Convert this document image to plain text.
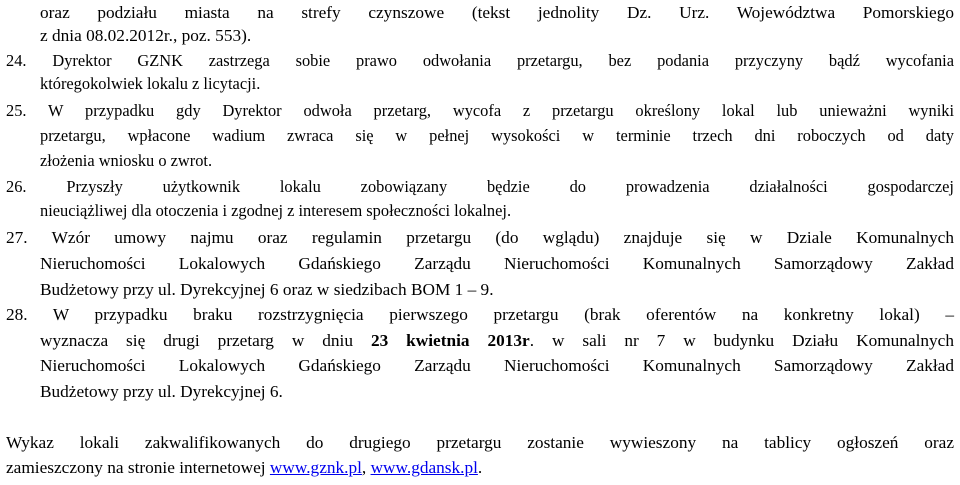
oraz podziału miasta na strefy czynszowe (tekst jednolity Dz. Urz. Województwa Pomorskiego
z dnia 08.02.2012r., poz. 553).
24. Dyrektor GZNK zastrzega sobie prawo odwołania przetargu, bez podania przyczyny bądź wycofania
któregokolwiek lokalu z licytacji.
25. W przypadku gdy Dyrektor odwoła przetarg, wycofa z przetargu określony lokal lub unieważni wyniki
przetargu, wpłacone wadium zwraca się w pełnej wysokości w terminie trzech dni roboczych od daty
złożenia wniosku o zwrot.
26. Przyszły użytkownik lokalu zobowiązany będzie do prowadzenia działalności gospodarczej
nieuciążliwej dla otoczenia i zgodnej z interesem społeczności lokalnej.
27. Wzór umowy najmu oraz regulamin przetargu (do wglądu) znajduje się w Dziale Komunalnych
Nieruchomości Lokalowych Gdańskiego Zarządu Nieruchomości Komunalnych Samorządowy Zakład
Budżetowy przy ul. Dyrekcyjnej 6 oraz w siedzibach BOM 1 – 9.
28. W przypadku braku rozstrzygnięcia pierwszego przetargu (brak oferentów na konkretny lokal) –
wyznacza się drugi przetarg w dniu 23 kwietnia 2013r. w sali nr 7 w budynku Działu Komunalnych
Nieruchomości Lokalowych Gdańskiego Zarządu Nieruchomości Komunalnych Samorządowy Zakład
Budżetowy przy ul. Dyrekcyjnej 6.
Wykaz lokali zakwalifikowanych do drugiego przetargu zostanie wywieszony na tablicy ogłoszeń oraz
zamieszczony na stronie internetowej www.gznk.pl, www.gdansk.pl.
